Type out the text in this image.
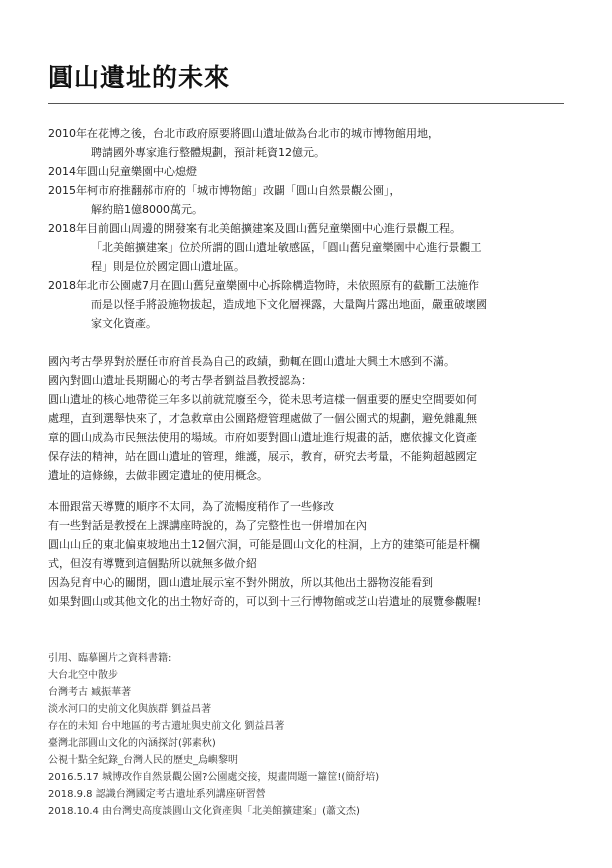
圓山遺址的未來

2010年在花博之後，台北市政府原要將圓山遺址做為台北市的城市博物館用地，
聘請國外專家進行整體規劃，預計耗資12億元。

2014年圓山兒童樂園中心熄燈

2015年柯市府推翻郝市府的「城市博物館」改闢「圓山自然景觀公園」，
解約賠1億8000萬元。

2018年目前圓山周邊的開發案有北美館擴建案及圓山舊兒童樂園中心進行景觀工程。
「北美館擴建案」位於所謂的圓山遺址敏感區，「圓山舊兒童樂園中心進行景觀工
程」則是位於國定圓山遺址區。

2018年北市公園處7月在圓山舊兒童樂園中心拆除構造物時，未依照原有的截斷工法施作
而是以怪手將設施物拔起，造成地下文化層裸露，大量陶片露出地面，嚴重破壞國
家文化資產。

國內考古學界對於歷任市府首長為自己的政績，動輒在圓山遺址大興土木感到不滿。

國內對圓山遺址長期關心的考古學者劉益昌教授認為：

圓山遺址的核心地帶從三年多以前就荒廢至今，從未思考這樣一個重要的歷史空間要如何

處理，直到選舉快來了，才急救章由公園路燈管理處做了一個公園式的規劃，避免雜亂無

章的圓山成為市民無法使用的場域。市府如要對圓山遺址進行規畫的話，應依據文化資產

保存法的精神，站在圓山遺址的管理，維護，展示，教育，研究去考量，不能夠超越國定

遺址的這條線，去做非國定遺址的使用概念。

本冊跟當天導覽的順序不太同，為了流暢度稍作了一些修改

有一些對話是教授在上課講座時說的，為了完整性也一併增加在內

圓山山丘的東北偏東坡地出土12個穴洞，可能是圓山文化的柱洞，上方的建築可能是杆欄

式，但沒有導覽到這個點所以就無多做介紹

因為兒育中心的關閉，圓山遺址展示室不對外開放，所以其他出土器物沒能看到

如果對圓山或其他文化的出土物好奇的，可以到十三行博物館或芝山岩遺址的展覽參觀喔!

引用、臨摹圖片之資料書籍:

大台北空中散步

台灣考古 臧振華著

淡水河口的史前文化與族群 劉益昌著

存在的未知 台中地區的考古遺址與史前文化 劉益昌著

臺灣北部圓山文化的內涵探討(郭素秋)

公視十點全紀錄_台灣人民的歷史_烏嶼黎明

2016.5.17 城博改作自然景觀公園?公園處交接，規畫問題一籮筐!(簡舒培)

2018.9.8 認識台灣國定考古遺址系列講座研習營

2018.10.4 由台灣史高度談圓山文化資產與「北美館擴建案」(蕭文杰)
